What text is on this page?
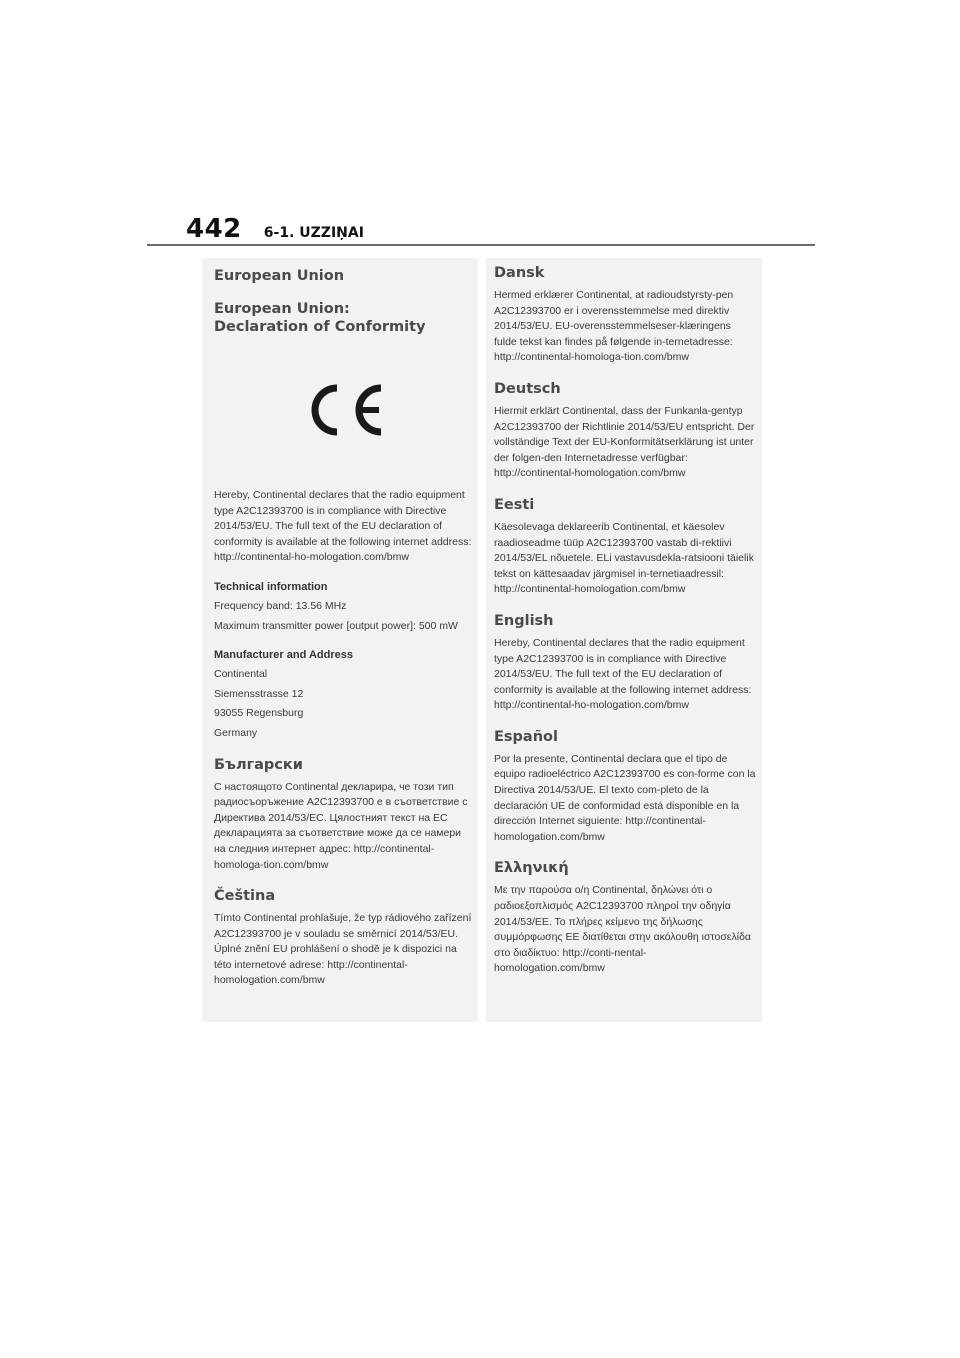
442 6-1. UZZIŅAI
European Union
European Union: Declaration of Conformity

Hereby, Continental declares that the radio equipment type A2C12393700 is in compliance with Directive 2014/53/EU. The full text of the EU declaration of conformity is available at the following internet address: http://continental-ho-mologation.com/bmw

Technical information

Frequency band: 13.56 MHz

Maximum transmitter power [output power]: 500 mW

Manufacturer and Address

Continental

Siemensstrasse 12

93055 Regensburg

Germany

Български

С настоящото Continental декларира, че този тип радиосъоръжение A2C12393700 е в съответствие с Директива 2014/53/ЕС. Цялостният текст на ЕС декларацията за съответствие може да се намери на следния интернет адрес: http://continental-homologa-tion.com/bmw

Čeština

Tímto Continental prohlašuje, že typ rádiového zařízení A2C12393700 je v souladu se směrnicí 2014/53/EU. Úplné znění EU prohlášení o shodě je k dispozici na této internetové adrese: http://continental-homologation.com/bmw

Dansk

Hermed erklærer Continental, at radioudstyrsty-pen A2C12393700 er i overensstemmelse med direktiv 2014/53/EU. EU-overensstemmelseser-klæringens fulde tekst kan findes på følgende in-ternetadresse: http://continental-homologa-tion.com/bmw

Deutsch

Hiermit erklärt Continental, dass der Funkanla-gentyp A2C12393700 der Richtlinie 2014/53/EU entspricht. Der vollständige Text der EU-Konformitätserklärung ist unter der folgen-den Internetadresse verfügbar: http://continental-homologation.com/bmw

Eesti

Käesolevaga deklareerib Continental, et käesolev raadioseadme tüüp A2C12393700 vastab di-rektiivi 2014/53/EL nõuetele. ELi vastavusdekla-ratsiooni täielik tekst on kättesaadav järgmisel in-ternetiaadressil: http://continental-homologation.com/bmw

English

Hereby, Continental declares that the radio equipment type A2C12393700 is in compliance with Directive 2014/53/EU. The full text of the EU declaration of conformity is available at the following internet address: http://continental-ho-mologation.com/bmw

Español

Por la presente, Continental declara que el tipo de equipo radioeléctrico A2C12393700 es con-forme con la Directiva 2014/53/UE. El texto com-pleto de la declaración UE de conformidad está disponible en la dirección Internet siguiente: http://continental-homologation.com/bmw

Ελληνική

Με την παρούσα ο/η Continental, δηλώνει ότι ο ραδιοεξοπλισμός A2C12393700 πληροί την οδηγία 2014/53/ΕΕ. Το πλήρες κείμενο της δήλωσης συμμόρφωσης ΕΕ διατίθεται στην ακόλουθη ιστοσελίδα στο διαδίκτυο: http://conti-nental-homologation.com/bmw
